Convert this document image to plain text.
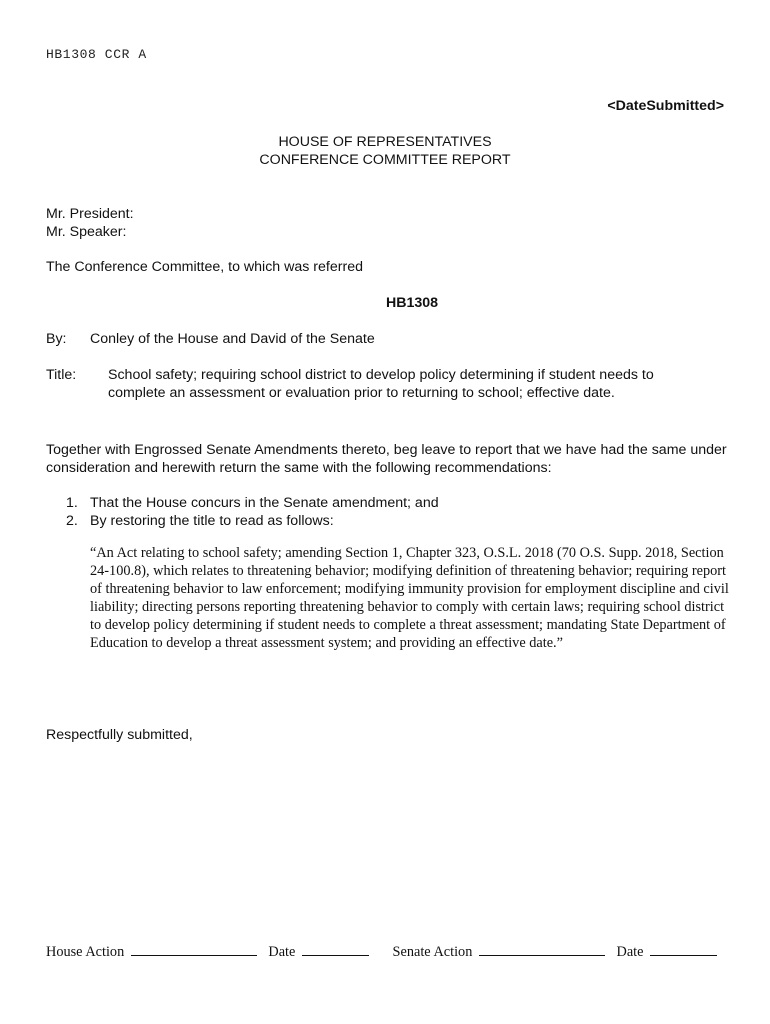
HB1308 CCR A
<DateSubmitted>
HOUSE OF REPRESENTATIVES
CONFERENCE COMMITTEE REPORT
Mr. President:
Mr. Speaker:
The Conference Committee, to which was referred
HB1308
By: Conley of the House and David of the Senate
Title: School safety; requiring school district to develop policy determining if student needs to complete an assessment or evaluation prior to returning to school; effective date.
Together with Engrossed Senate Amendments thereto, beg leave to report that we have had the same under consideration and herewith return the same with the following recommendations:
1. That the House concurs in the Senate amendment; and
2. By restoring the title to read as follows:
“An Act relating to school safety; amending Section 1, Chapter 323, O.S.L. 2018 (70 O.S. Supp. 2018, Section 24-100.8), which relates to threatening behavior; modifying definition of threatening behavior; requiring report of threatening behavior to law enforcement; modifying immunity provision for employment discipline and civil liability; directing persons reporting threatening behavior to comply with certain laws; requiring school district to develop policy determining if student needs to complete a threat assessment; mandating State Department of Education to develop a threat assessment system; and providing an effective date.”
Respectfully submitted,
House Action	Date	Senate Action	Date
